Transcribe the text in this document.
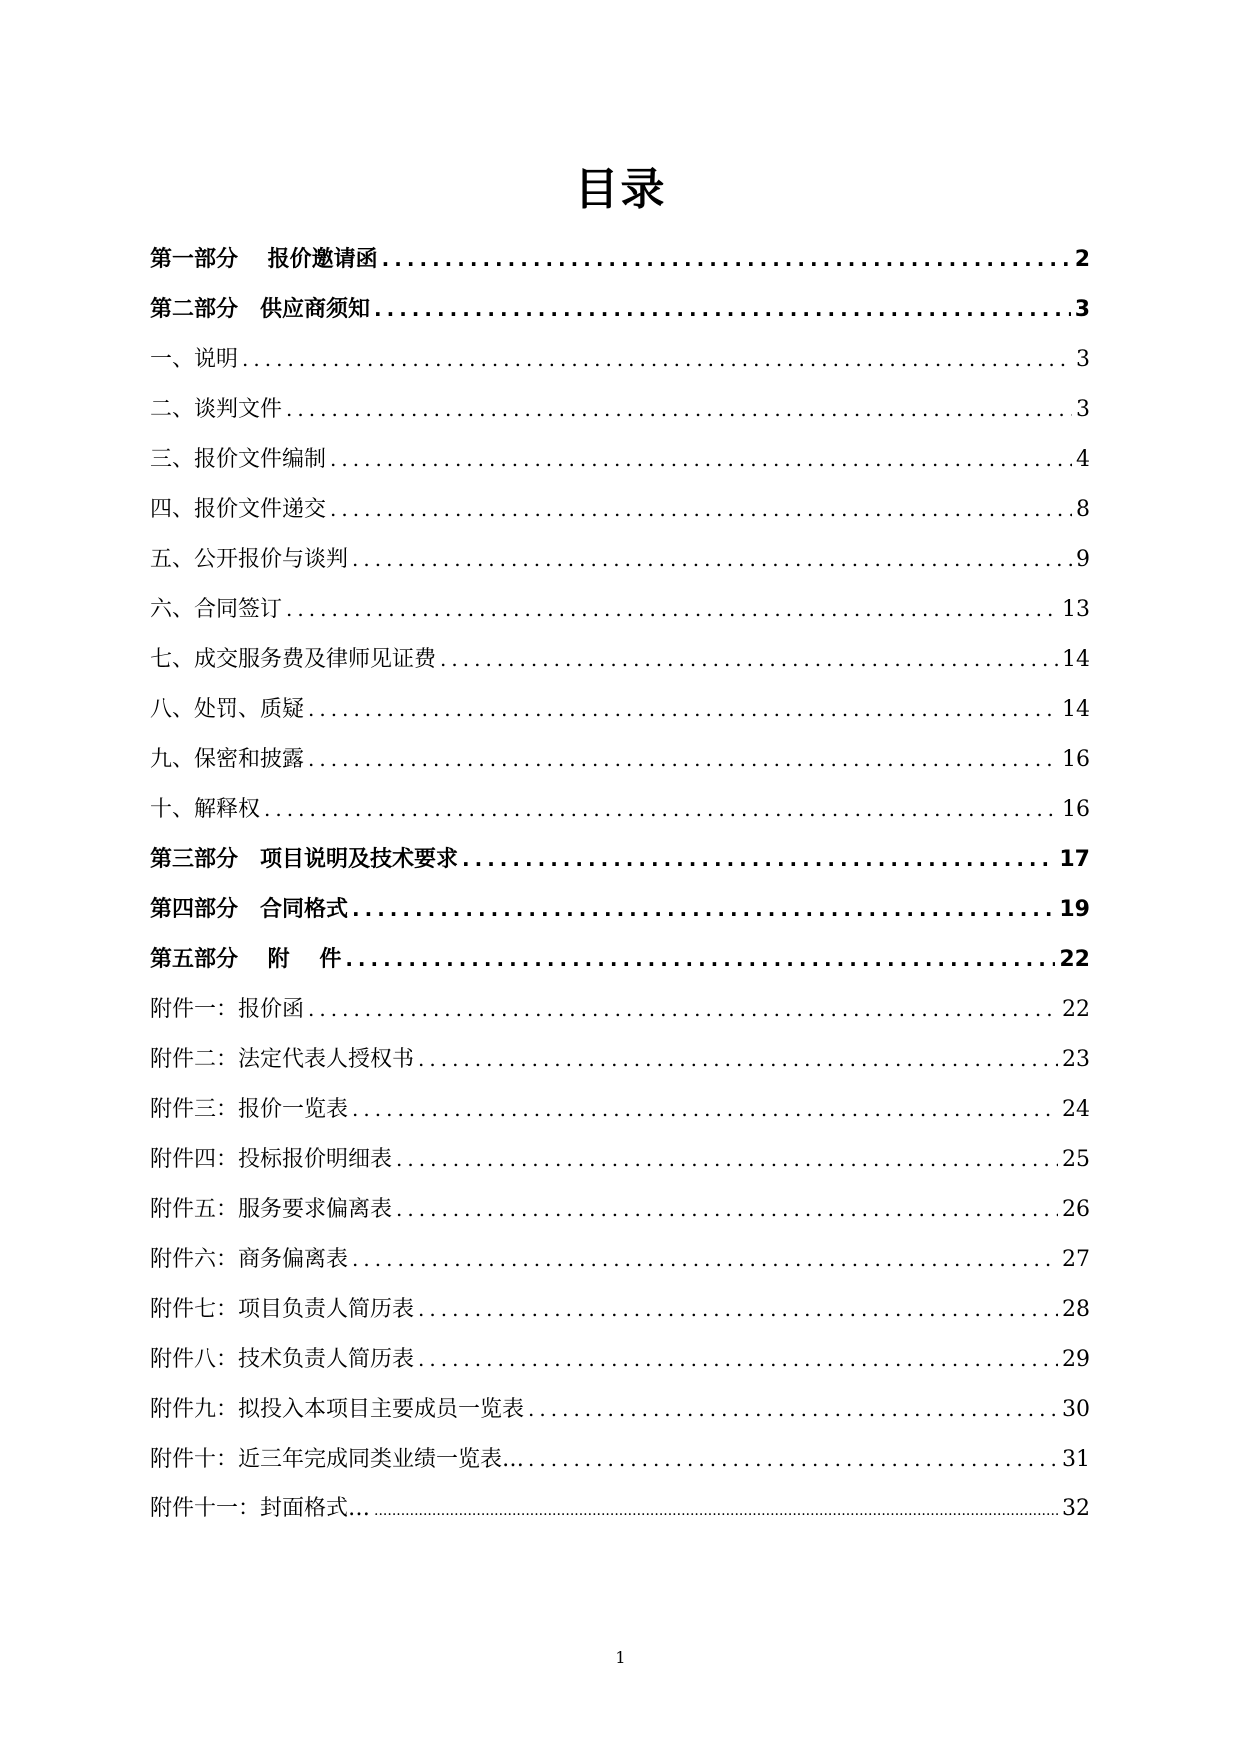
目录
第一部分　 报价邀请函 .....	2
第二部分　供应商须知 .....	3
一、说明 .....	3
二、谈判文件 .....	3
三、报价文件编制 .....	4
四、报价文件递交 .....	8
五、公开报价与谈判 .....	9
六、合同签订 .....	13
七、成交服务费及律师见证费 .....	14
八、处罚、质疑 .....	14
九、保密和披露 .....	16
十、解释权 .....	16
第三部分　项目说明及技术要求 .....	17
第四部分　合同格式 .....	19
第五部分　 附　 件 .....	22
附件一：报价函 .....	22
附件二：法定代表人授权书 .....	23
附件三：报价一览表 .....	24
附件四：投标报价明细表 .....	25
附件五：服务要求偏离表 .....	26
附件六：商务偏离表 .....	27
附件七：项目负责人简历表 .....	28
附件八：技术负责人简历表 .....	29
附件九：拟投入本项目主要成员一览表 .....	30
附件十：近三年完成同类业绩一览表… .....	31
附件十一：封面格式… .....	32
1
